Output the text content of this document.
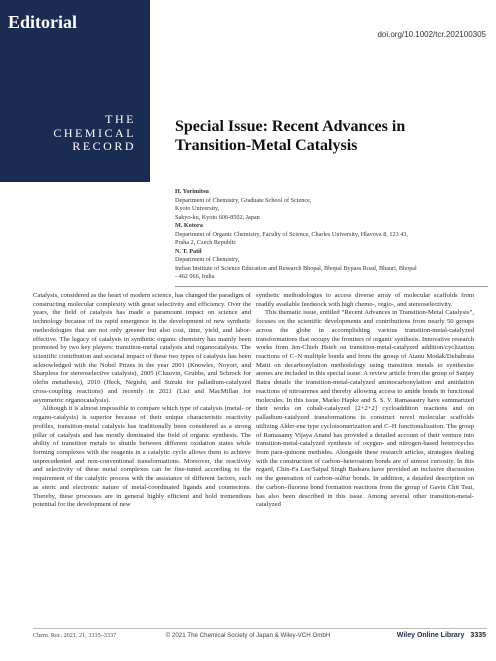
Editorial
THE
CHEMICAL
RECORD
doi.org/10.1002/tcr.202100305
Special Issue: Recent Advances in
Transition-Metal Catalysis
H. Yorimitsu
Department of Chemistry, Graduate School of Science,
Kyoto University,
Sakyo-ku, Kyoto 606-8502, Japan
M. Kotora
Department of Organic Chemistry, Faculty of Science, Charles University, Hlavova 8, 123 43,
Praha 2, Czech Republic
N. T. Patil
Department of Chemistry,
Indian Institute of Science Education and Research Bhopal, Bhopal Bypass Road, Bhauri, Bhopal
- 462 066, India

Catalysis, considered as the heart of modern science, has changed the paradigm of constructing molecular complexity with great selectivity and efficiency. Over the years, the field of catalysis has made a paramount impact on science and technology because of its rapid emergence in the development of new synthetic methodologies that are not only greener but also cost, time, yield, and labor-effective. The legacy of catalysis in synthetic organic chemistry has mainly been promoted by two key players: transition-metal catalysis and organocatalysis. The scientific contribution and societal impact of these two types of catalysis has been acknowledged with the Nobel Prizes in the year 2001 (Knowles, Noyori, and Sharpless for stereoselective catalysis), 2005 (Chauvin, Grubbs, and Schrock for olefin metathesis), 2010 (Heck, Negishi, and Suzuki for palladium-catalyzed cross-coupling reactions) and recently in 2021 (List and MacMillan for asymmetric organocatalysis).

Although it is almost impossible to compare which type of catalysis (metal- or organo-catalysis) is superior because of their unique characteristic reactivity profiles, transition-metal catalysis has traditionally been considered as a strong pillar of catalysis and has mostly dominated the field of organic synthesis. The ability of transition metals to shuttle between different oxidation states while forming complexes with the reagents in a catalytic cycle allows them to achieve unprecedented and non-conventional transformations. Moreover, the reactivity and selectivity of these metal complexes can be fine-tuned according to the requirement of the catalytic process with the assistance of different factors, such as steric and electronic nature of metal-coordinated ligands and counterions. Thereby, these processes are in general highly efficient and hold tremendous potential for the development of new

synthetic methodologies to access diverse array of molecular scaffolds from readily available feedstock with high chemo-, regio-, and stereoselectivity.

This thematic issue, entitled “Recent Advances in Transition-Metal Catalysis”, focuses on the scientific developments and contributions from nearly 50 groups across the globe in accomplishing various transition-metal-catalyzed transformations that occupy the frontiers of organic synthesis. Innovative research works from Jen-Chieh Hsieh on transition-metal-catalyzed addition/cyclization reactions of C–N multiple bonds and from the group of Atanu Modak/Debabrata Maiti on decarbonylation methodology using transition metals to synthesize arenes are included in this special issue. A review article from the group of Sanjay Batra details the transition-metal-catalyzed aminocarbonylation and amidation reactions of nitroarenes and thereby allowing access to amide bonds in functional molecules. In this issue, Marko Hapke and S. S. V. Ramasastry have summarized their works on cobalt-catalyzed [2+2+2] cycloaddition reactions and on palladium-catalyzed transformations to construct novel molecular scaffolds utilizing Alder-ene type cycloisomerization and C–H functionalization. The group of Ramasamy Vijaya Anand has provided a detailed account of their venture into transition-metal-catalyzed synthesis of oxygen- and nitrogen-based heterocycles from para-quinone methides. Alongside these research articles, strategies dealing with the construction of carbon–heteroatom bonds are of utmost curiosity. In this regard, Chin-Fa Lee/Satpal Singh Badsara have provided an inclusive discussion on the generation of carbon–sulfur bonds. In addition, a detailed description on the carbon–fluorine bond formation reactions from the group of Gavin Chit Tsui, has also been described in this issue. Among several other transition-metal-catalyzed

Chem. Rec. 2021, 21, 3335–3337	© 2021 The Chemical Society of Japan & Wiley-VCH GmbH	Wiley Online Library 3335
